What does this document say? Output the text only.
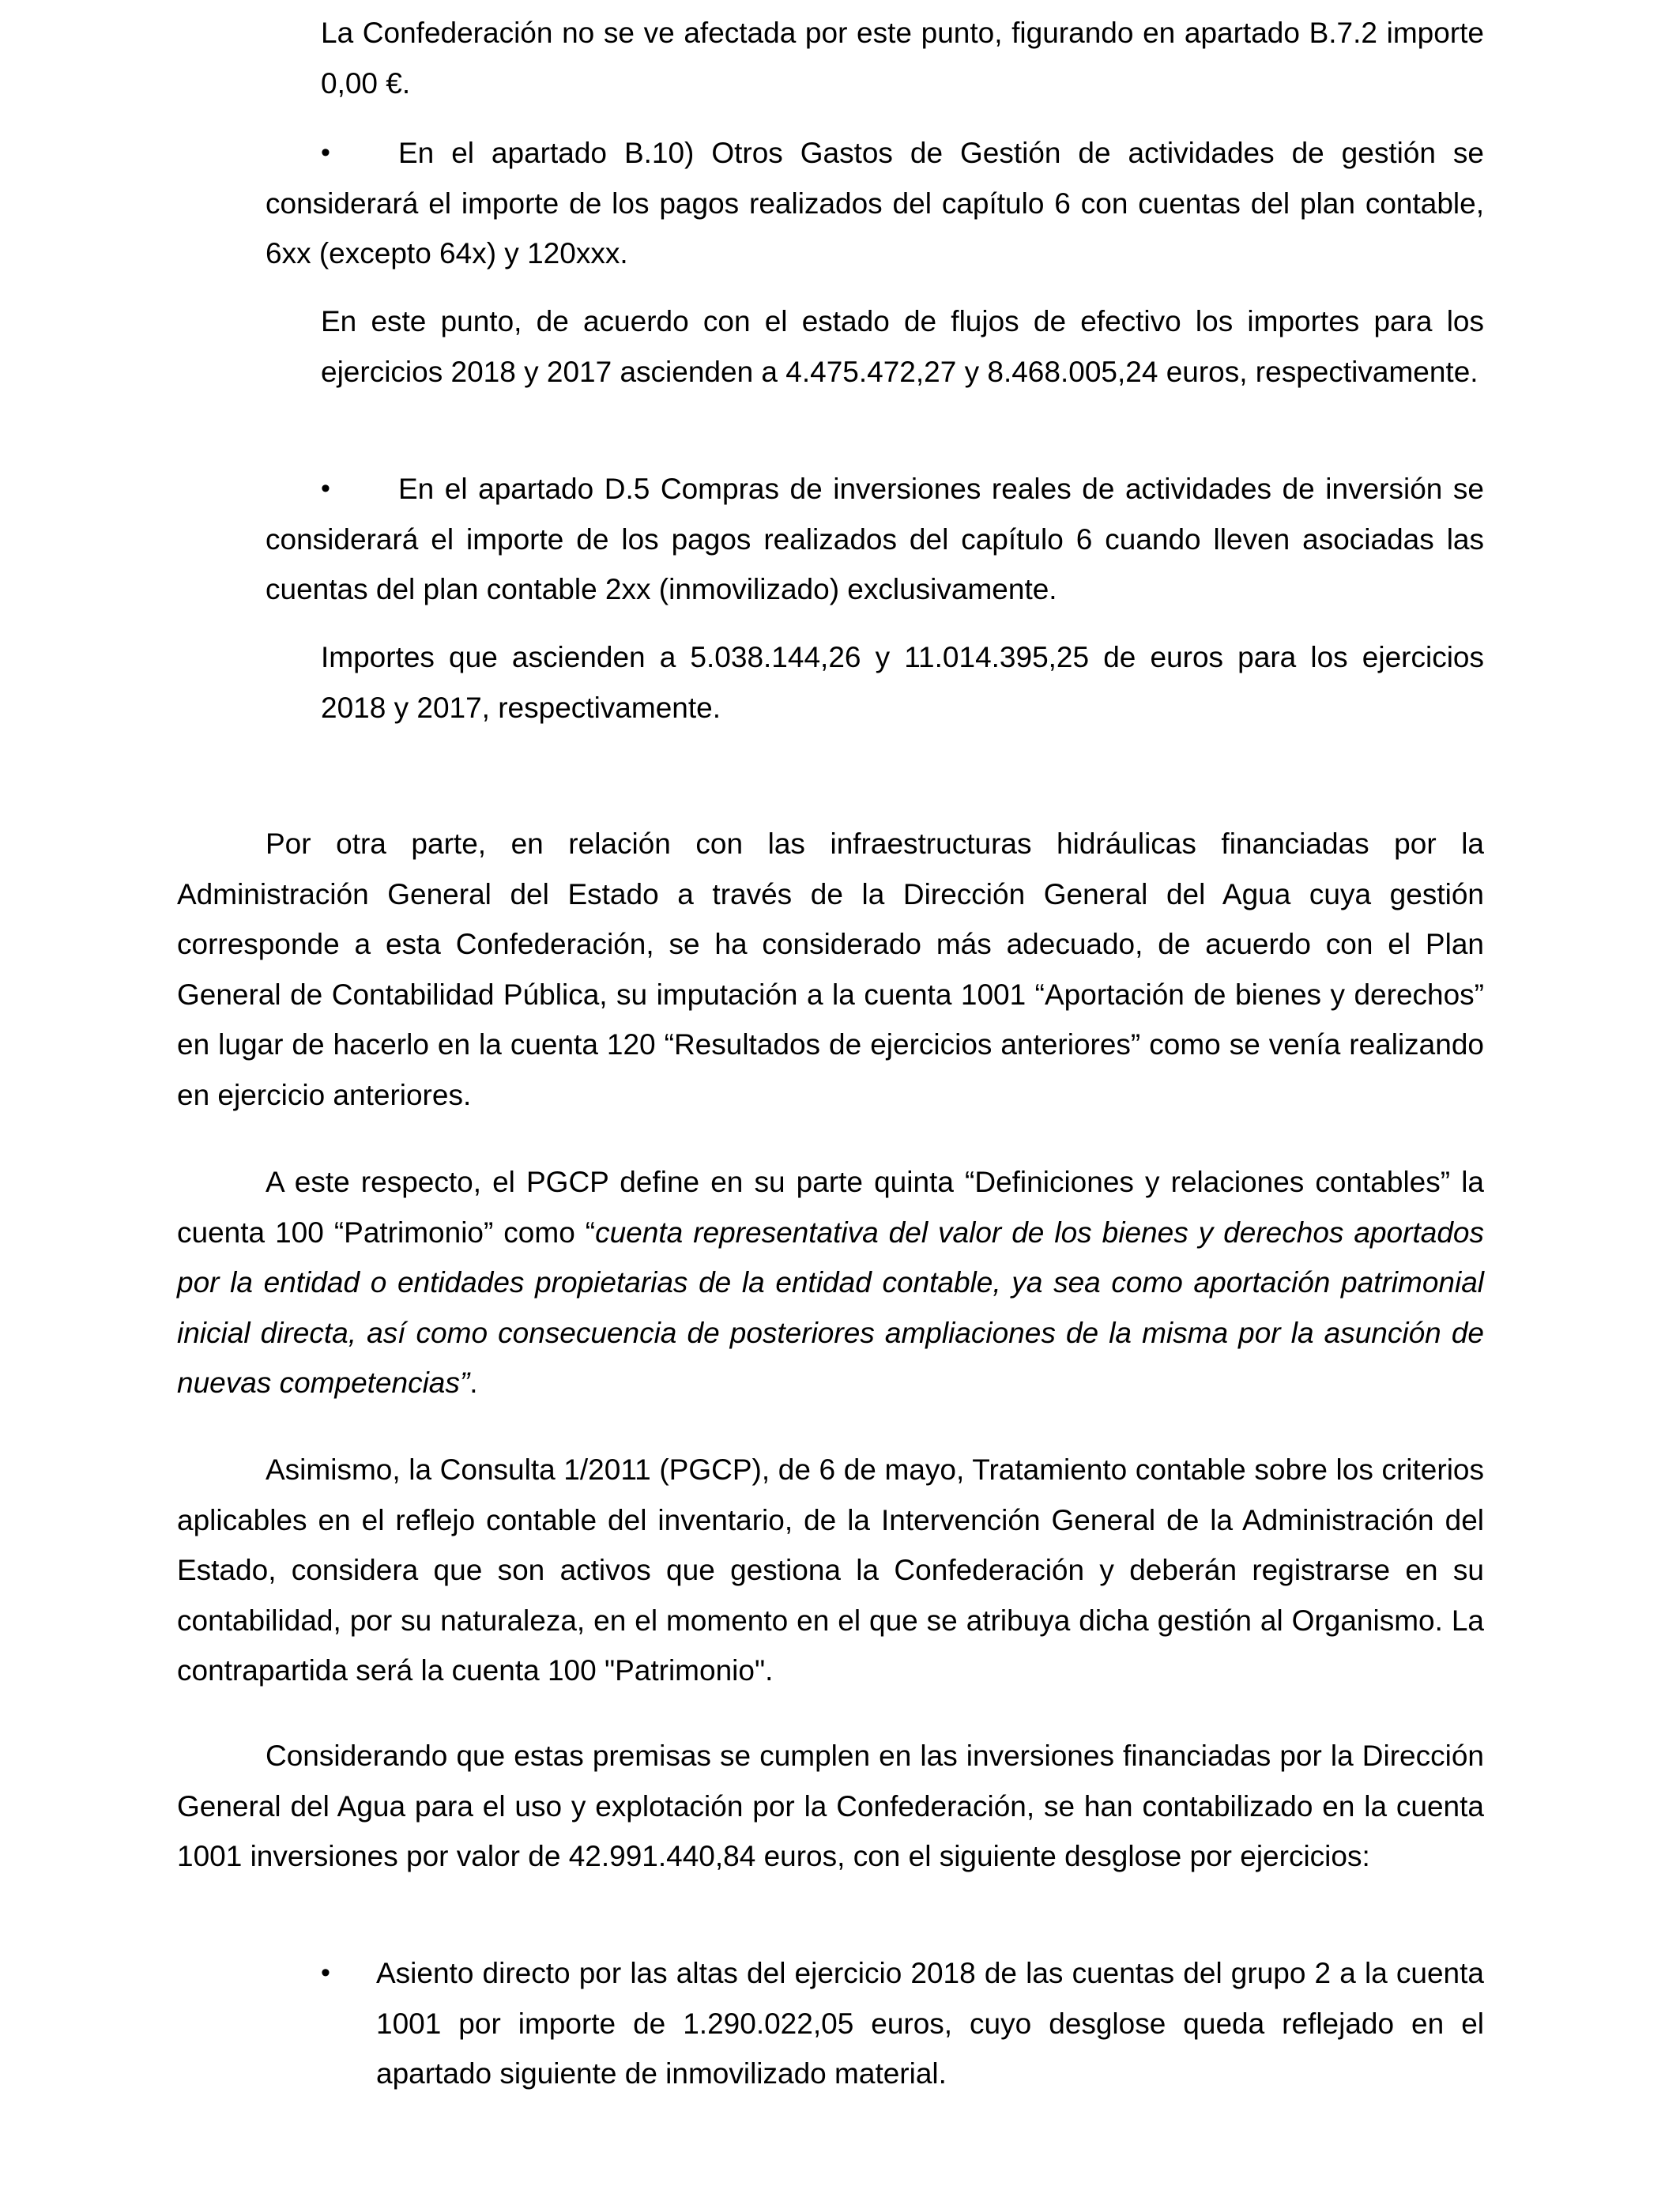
La Confederación no se ve afectada por este punto, figurando en apartado B.7.2 importe 0,00 €.

•	En el apartado B.10) Otros Gastos de Gestión de actividades de gestión se considerará el importe de los pagos realizados del capítulo 6 con cuentas del plan contable, 6xx (excepto 64x) y 120xxx.

En este punto, de acuerdo con el estado de flujos de efectivo los importes para los ejercicios 2018 y 2017 ascienden a 4.475.472,27 y 8.468.005,24 euros, respectivamente.

•	En el apartado D.5 Compras de inversiones reales de actividades de inversión se considerará el importe de los pagos realizados del capítulo 6 cuando lleven asociadas las cuentas del plan contable 2xx (inmovilizado) exclusivamente.

Importes que ascienden a 5.038.144,26 y 11.014.395,25 de euros para los ejercicios 2018 y 2017, respectivamente.

Por otra parte, en relación con las infraestructuras hidráulicas financiadas por la Administración General del Estado a través de la Dirección General del Agua cuya gestión corresponde a esta Confederación, se ha considerado más adecuado, de acuerdo con el Plan General de Contabilidad Pública, su imputación a la cuenta 1001 “Aportación de bienes y derechos” en lugar de hacerlo en la cuenta 120 “Resultados de ejercicios anteriores” como se venía realizando en ejercicio anteriores.

A este respecto, el PGCP define en su parte quinta “Definiciones y relaciones contables” la cuenta 100 “Patrimonio” como “cuenta representativa del valor de los bienes y derechos aportados por la entidad o entidades propietarias de la entidad contable, ya sea como aportación patrimonial inicial directa, así como consecuencia de posteriores ampliaciones de la misma por la asunción de nuevas competencias”.

Asimismo, la Consulta 1/2011 (PGCP), de 6 de mayo, Tratamiento contable sobre los criterios aplicables en el reflejo contable del inventario, de la Intervención General de la Administración del Estado, considera que son activos que gestiona la Confederación y deberán registrarse en su contabilidad, por su naturaleza, en el momento en el que se atribuya dicha gestión al Organismo. La contrapartida será la cuenta 100 "Patrimonio".

Considerando que estas premisas se cumplen en las inversiones financiadas por la Dirección General del Agua para el uso y explotación por la Confederación, se han contabilizado en la cuenta 1001 inversiones por valor de 42.991.440,84 euros, con el siguiente desglose por ejercicios:

• Asiento directo por las altas del ejercicio 2018 de las cuentas del grupo 2 a la cuenta 1001 por importe de 1.290.022,05 euros, cuyo desglose queda reflejado en el apartado siguiente de inmovilizado material.
